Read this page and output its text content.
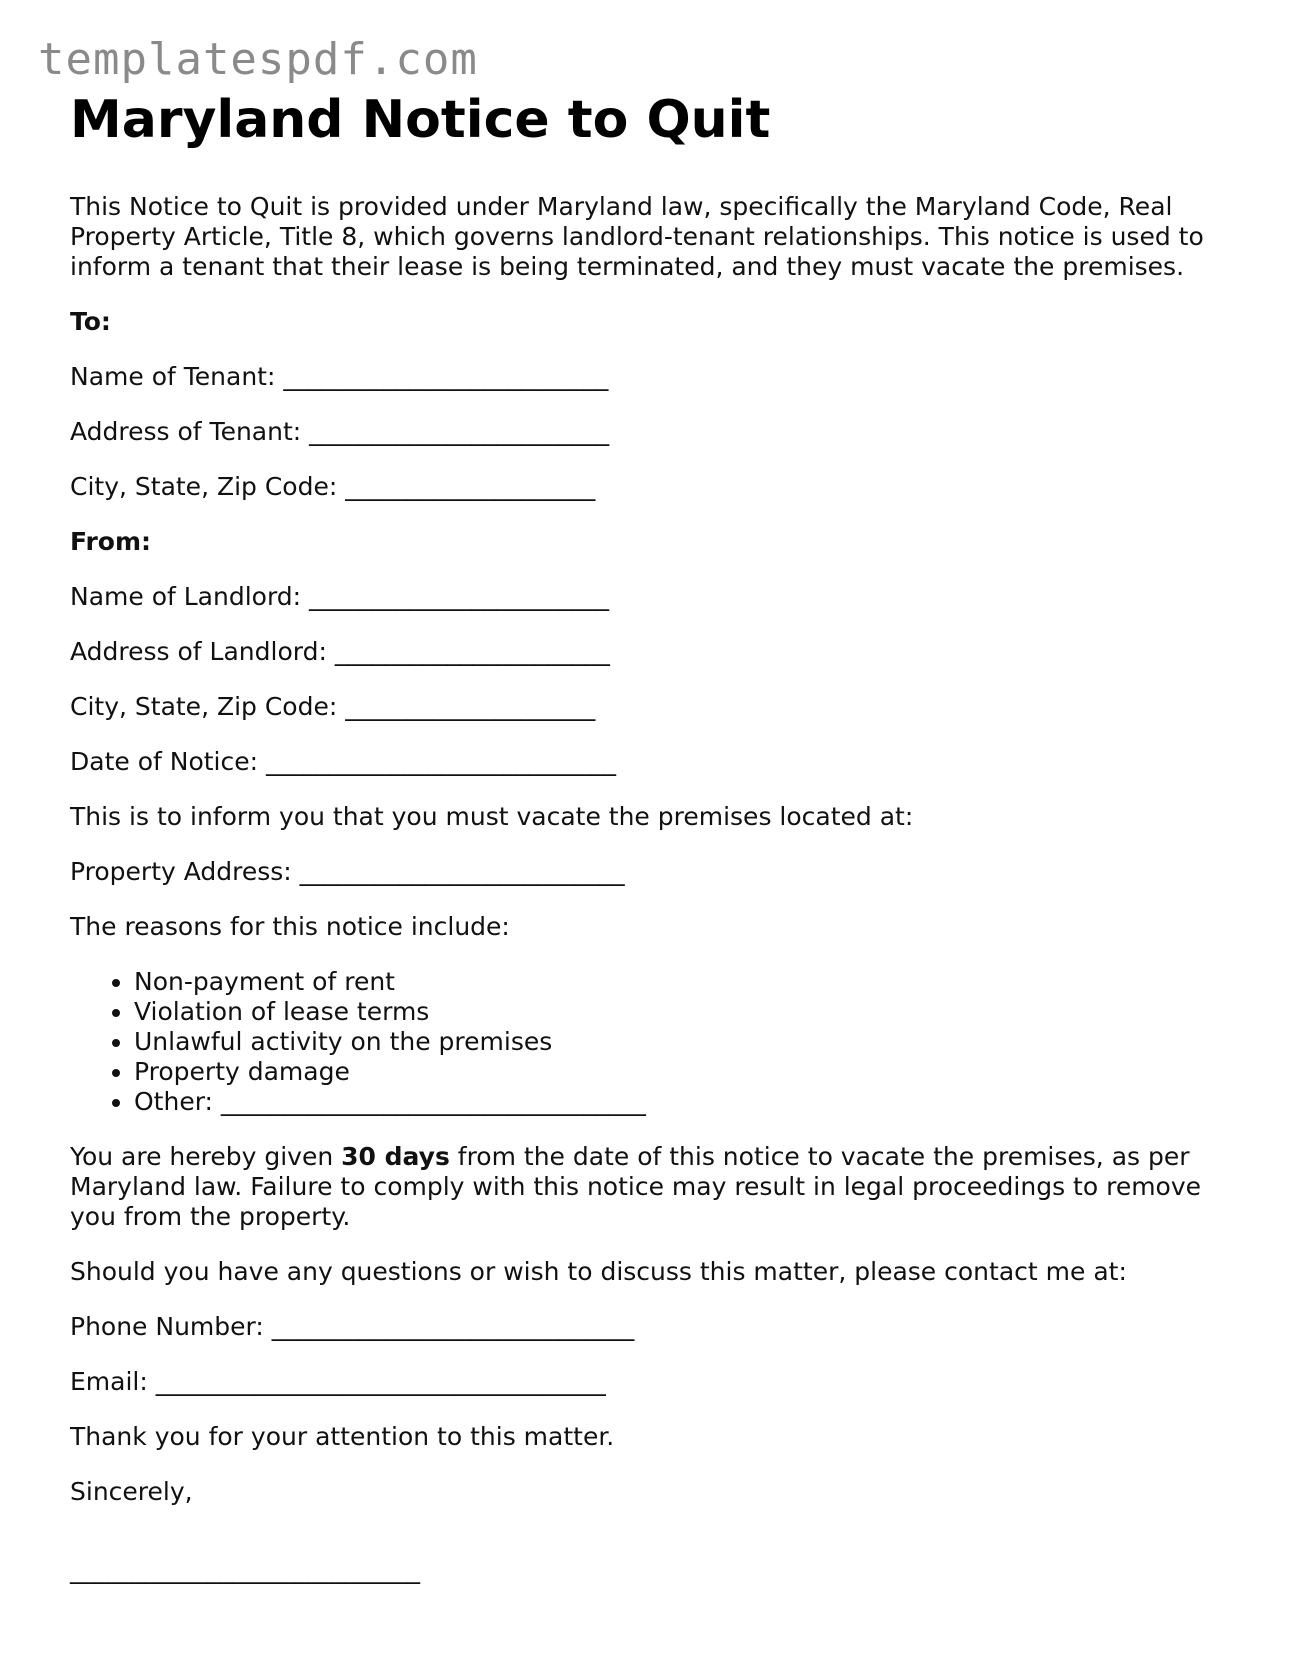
templatespdf.com
Maryland Notice to Quit

This Notice to Quit is provided under Maryland law, specifically the Maryland Code, Real Property Article, Title 8, which governs landlord-tenant relationships. This notice is used to inform a tenant that their lease is being terminated, and they must vacate the premises.

To:

Name of Tenant: __________________________

Address of Tenant: ________________________

City, State, Zip Code: ____________________

From:

Name of Landlord: ________________________

Address of Landlord: ______________________

City, State, Zip Code: ____________________

Date of Notice: ____________________________

This is to inform you that you must vacate the premises located at:

Property Address: __________________________

The reasons for this notice include:

• Non-payment of rent
• Violation of lease terms
• Unlawful activity on the premises
• Property damage
• Other: __________________________________

You are hereby given 30 days from the date of this notice to vacate the premises, as per Maryland law. Failure to comply with this notice may result in legal proceedings to remove you from the property.

Should you have any questions or wish to discuss this matter, please contact me at:

Phone Number: _____________________________

Email: ____________________________________

Thank you for your attention to this matter.

Sincerely,

____________________________
